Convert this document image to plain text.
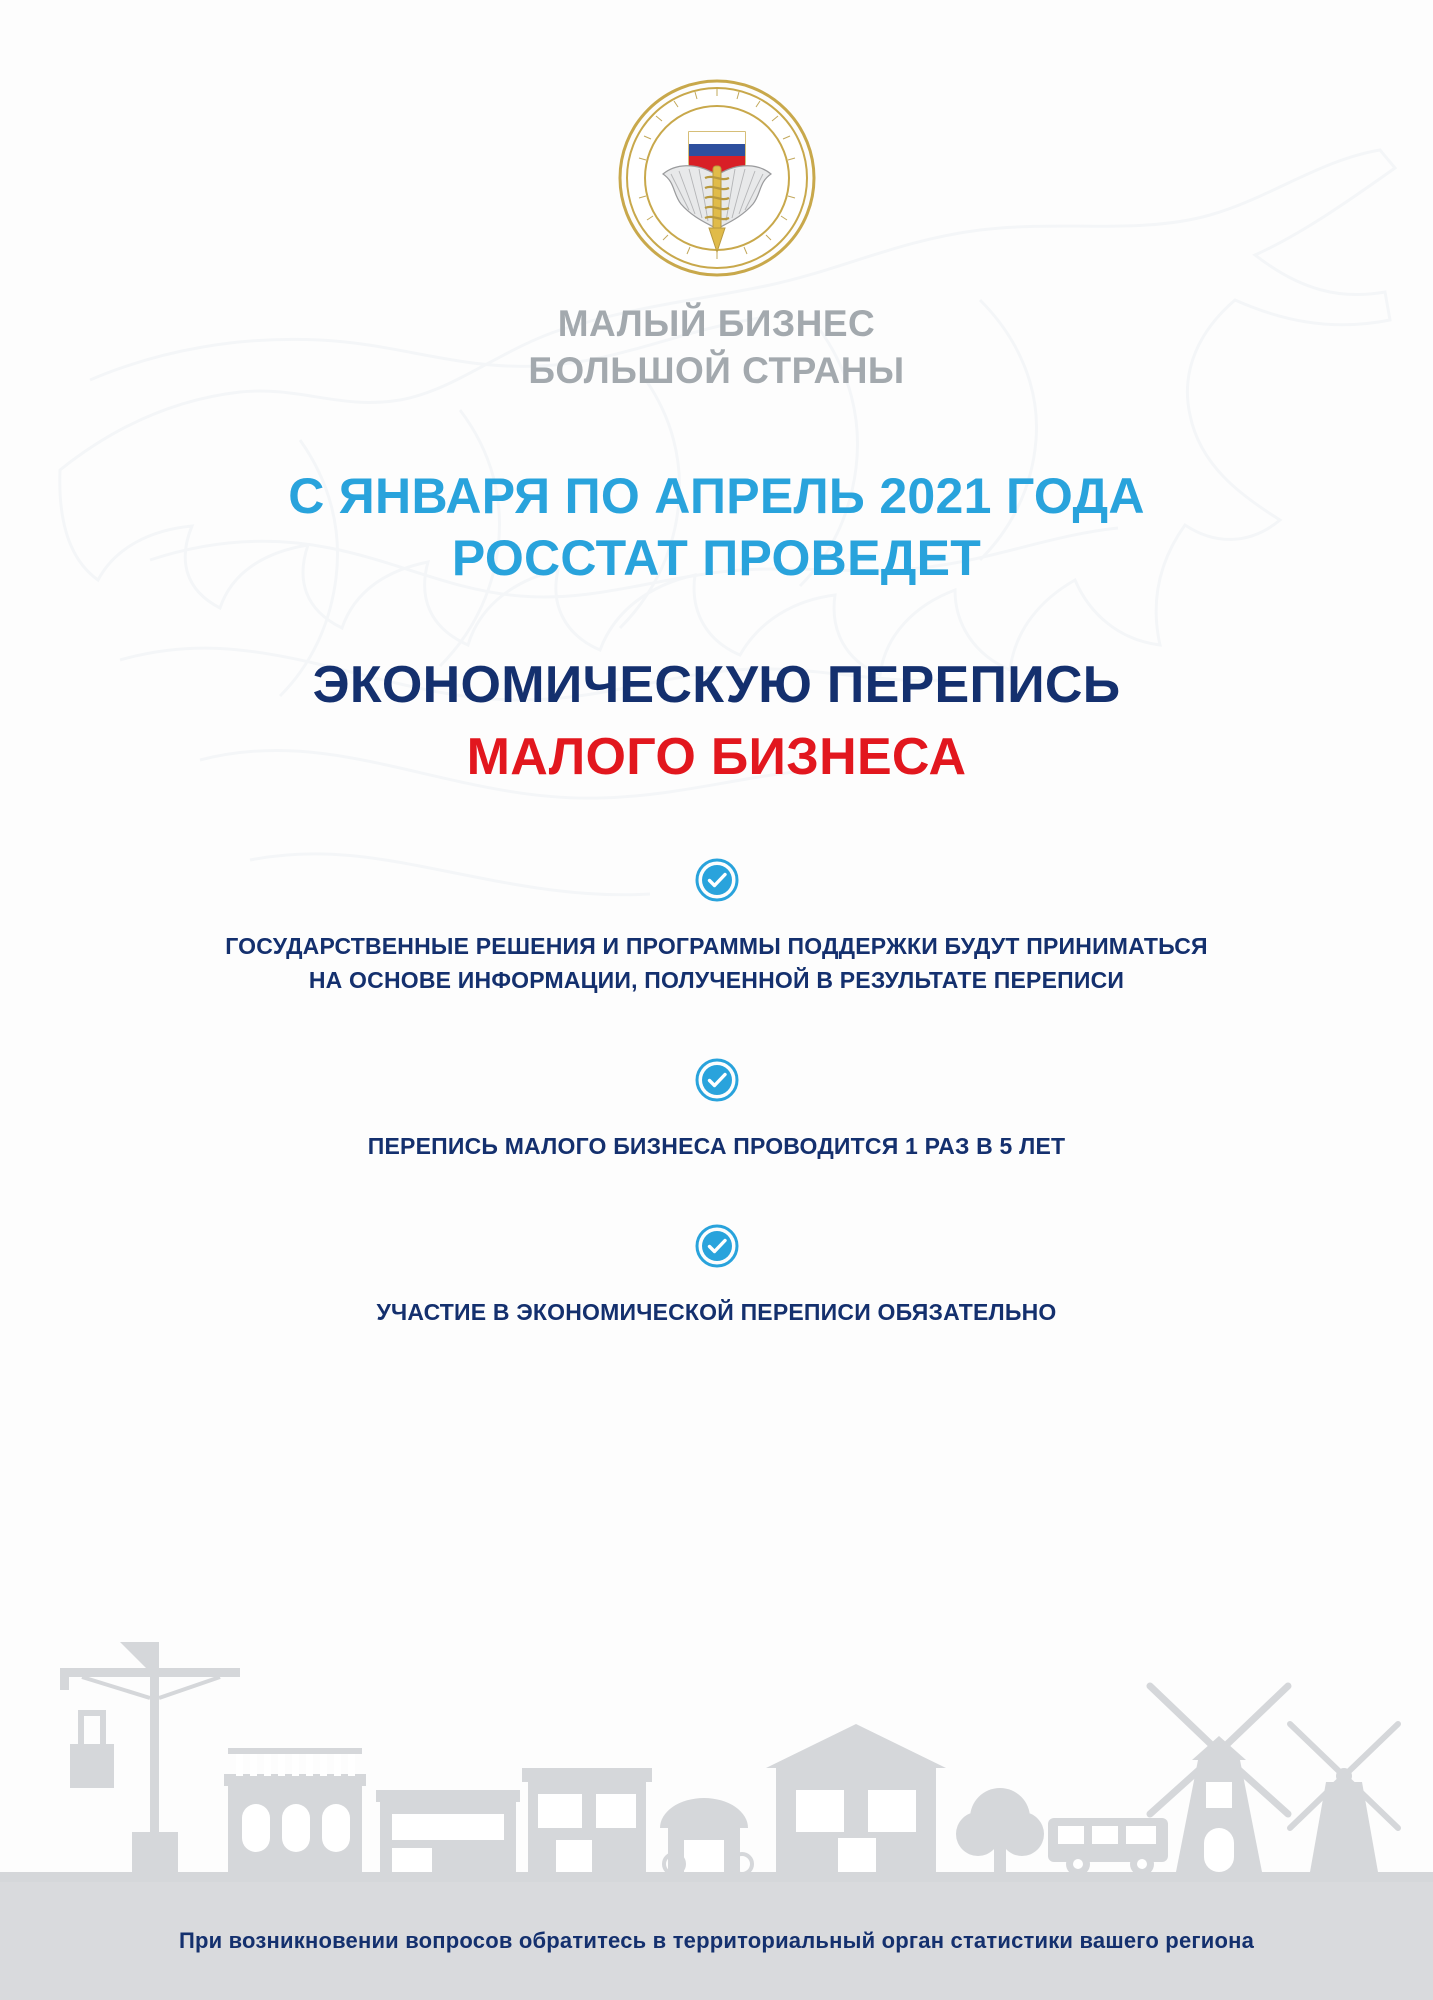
МАЛЫЙ БИЗНЕС
БОЛЬШОЙ СТРАНЫ
С ЯНВАРЯ ПО АПРЕЛЬ 2021 ГОДА
РОССТАТ ПРОВЕДЕТ
ЭКОНОМИЧЕСКУЮ ПЕРЕПИСЬ
МАЛОГО БИЗНЕСА
ГОСУДАРСТВЕННЫЕ РЕШЕНИЯ И ПРОГРАММЫ ПОДДЕРЖКИ БУДУТ ПРИНИМАТЬСЯ
НА ОСНОВЕ ИНФОРМАЦИИ, ПОЛУЧЕННОЙ В РЕЗУЛЬТАТЕ ПЕРЕПИСИ
ПЕРЕПИСЬ МАЛОГО БИЗНЕСА ПРОВОДИТСЯ 1 РАЗ В 5 ЛЕТ
УЧАСТИЕ В ЭКОНОМИЧЕСКОЙ ПЕРЕПИСИ ОБЯЗАТЕЛЬНО
При возникновении вопросов обратитесь в территориальный орган статистики вашего региона
